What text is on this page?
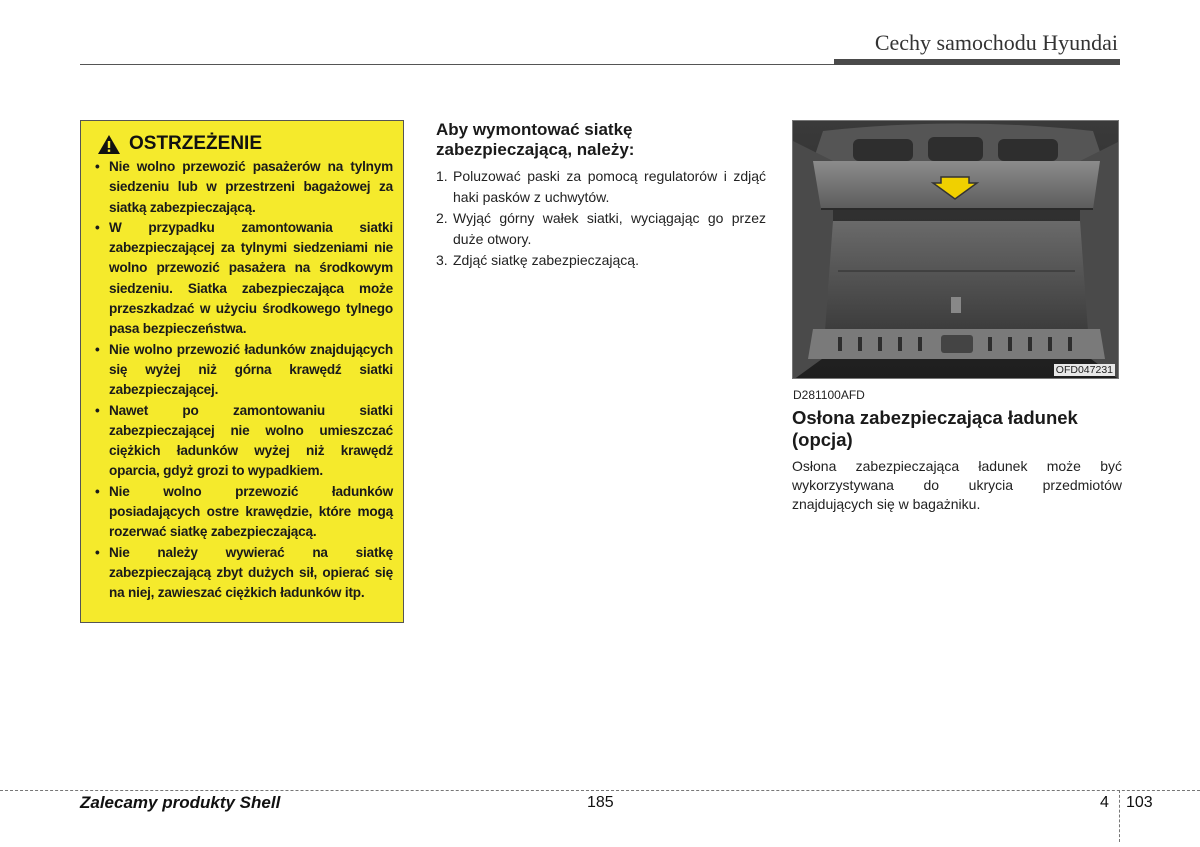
Cechy samochodu Hyundai
OSTRZEŻENIE
• Nie wolno przewozić pasażerów na tylnym siedzeniu lub w przestrzeni bagażowej za siatką zabezpieczającą.
• W przypadku zamontowania siatki zabezpieczającej za tylnymi siedzeniami nie wolno przewozić pasażera na środkowym siedzeniu. Siatka zabezpieczająca może przeszkadzać w użyciu środkowego tylnego pasa bezpieczeństwa.
• Nie wolno przewozić ładunków znajdujących się wyżej niż górna krawędź siatki zabezpieczającej.
• Nawet po zamontowaniu siatki zabezpieczającej nie wolno umieszczać ciężkich ładunków wyżej niż krawędź oparcia, gdyż grozi to wypadkiem.
• Nie wolno przewozić ładunków posiadających ostre krawędzie, które mogą rozerwać siatkę zabezpieczającą.
• Nie należy wywierać na siatkę zabezpieczającą zbyt dużych sił, opierać się na niej, zawieszać ciężkich ładunków itp.
Aby wymontować siatkę zabezpieczającą, należy:
1. Poluzować paski za pomocą regulatorów i zdjąć haki pasków z uchwytów.
2. Wyjąć górny wałek siatki, wyciągając go przez duże otwory.
3. Zdjąć siatkę zabezpieczającą.
OFD047231
D281100AFD
Osłona zabezpieczająca ładunek (opcja)
Osłona zabezpieczająca ładunek może być wykorzystywana do ukrycia przedmiotów znajdujących się w bagażniku.
Zalecamy produkty Shell	185	4 103
